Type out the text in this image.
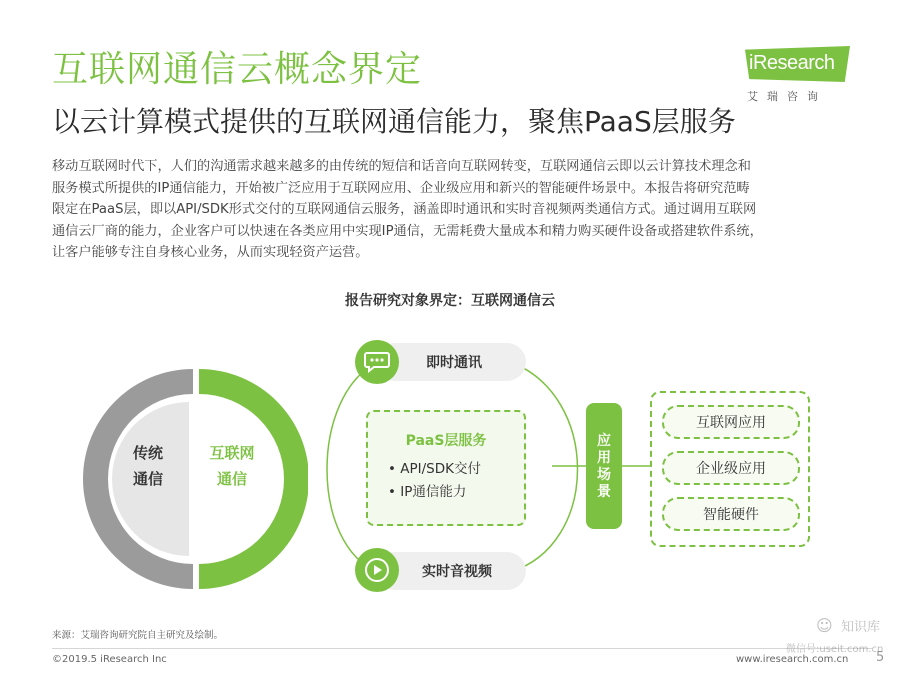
互联网通信云概念界定
以云计算模式提供的互联网通信能力，聚焦PaaS层服务
iResearch
艾瑞咨询
移动互联网时代下，人们的沟通需求越来越多的由传统的短信和话音向互联网转变，互联网通信云即以云计算技术理念和
服务模式所提供的IP通信能力，开始被广泛应用于互联网应用、企业级应用和新兴的智能硬件场景中。本报告将研究范畴
限定在PaaS层，即以API/SDK形式交付的互联网通信云服务，涵盖即时通讯和实时音视频两类通信方式。通过调用互联网
通信云厂商的能力，企业客户可以快速在各类应用中实现IP通信，无需耗费大量成本和精力购买硬件设备或搭建软件系统，
让客户能够专注自身核心业务，从而实现轻资产运营。
报告研究对象界定：互联网通信云
传统
通信
互联网
通信
即时通讯
PaaS层服务
• API/SDK交付
• IP通信能力
实时音视频
应
用
场
景
互联网应用
企业级应用
智能硬件
来源：艾瑞咨询研究院自主研究及绘制。
©2019.5 iResearch Inc	www.iresearch.com.cn 5
☺ 知识库
微信号:useit.com.cn
